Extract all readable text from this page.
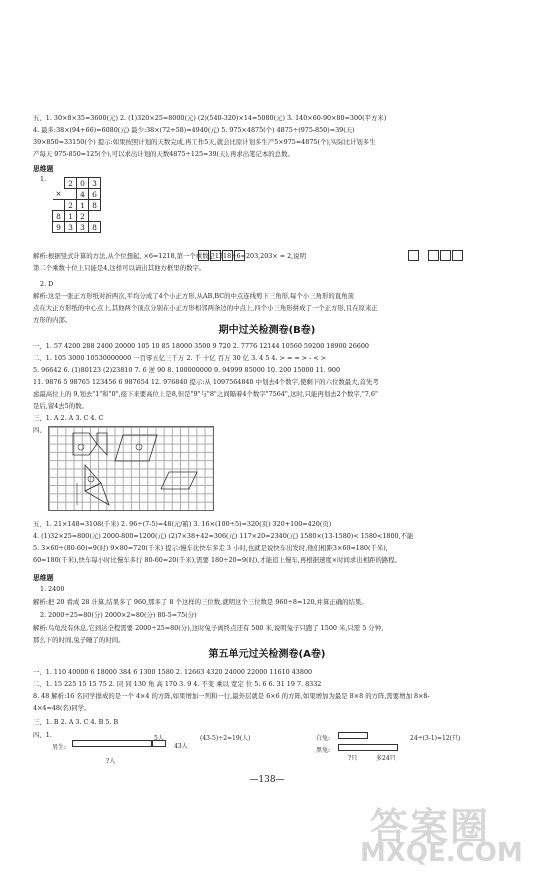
五、1. 30×8×35=3600(元) 2. (1)320×25=8000(元) (2)(540-320)×14=5080(元) 3. 140×60-90×80=300(平方米)
4. 最多:38×(94+66)=6080(元) 最少:38×(72+58)=4940(元) 5. 975×4875(个) 4875÷(975-850)=39(天)
39×850=33150(个) 提示:如果按照计划的天数完成,再工作5天,就会比原计划多生产5×975=4875(个),实际比计划多生
产每天 975-850=125(个),可以求出计划的天数4875÷125=39(天),再求出笔记本的总数。
思维题
1.
		2	0	3
×		4	6
	2	1	8
8	1	2	
9	3	3	8
解析:根据竖式计算的方法,从个位想起, ×6=1218,第一个乘数是1218÷6=203,203× = 2,说明
第二个乘数十位上只能是4,这样可以请出其他方框里的数字。
2. D
解析:这是一张正方形纸对折两次,平均分成了4个小正方形,从AB,BC的中点连线剪下三角形,每个小三角形的直角顶
点在大正方形纸的中心点上,其他两个顶点分别在小正方形相邻两条边的中点上,四个小三角形拼成了一个正方形,且在原来正
方形的内部。
期中过关检测卷(B卷)
一、1. 57 4200 288 2400 20000 105 10 85 18000 3500 9 720 2. 7776 12144 10560 59200 18900 26600
二、1. 105 3000 10530000000 一百零五亿三千万 2. 千 十亿 百万 30 亿 3. 4 5 4. > = = > - < >
5. 96642 6. (1)80123 (2)23810 7. 6 逆 90 8. 100000000 9. 94999 85000 10. 200 15000 11. 900
11. 9876 5 98765 123456 6 987654 12. 976840 提示:从 1097564840 中划去4个数字,使剩下的六位数最大,首先考
虑最高位上的 9,划去"1"和"0",接下来要高位上是8,但是"9"与"8"之间隔着4个数字"7564",这时,只能再划去2个数字,"7,6"
是后,留4去5的数。
三、1. A 2. A 3. C 4. C
四、
五、1. 21×148=3108(千米) 2. 96÷(7-5)=48(元/箱) 3. 16×(100÷5)=320(页) 320+100=420(页)
4. (1)32×25=800(元) 2000-800=1200(元) (2)7×38+42=306(元) 117×20=2340(元) 1580×(13-1580)< 1580<1800,不能
5. 3×60÷(80-60)=9(时) 9×80=720(千米) 提示:慢车比快车多走 3 小时,也就是说快车出发时,他们相距3×60=180(千米),
60=180(千米),快车每小时比慢车多行 80-60=20(千米),需要 180÷20=9(时),才能追上慢车,再根据速度×时间求出相距的路程。
思维题
1. 2400
解析:把 20 看成 28 计算,结果多了 960,那多了 8 个这样的三位数,就明这个三位数是 960÷8=120,并算正确的结果。
2. 2000÷25=80(分) 2000×2=80(分) 80-5=75(分)
解析:鸟龟没有休息,它到达全程需要 2000÷25=80(分),这时兔子离终点还有 500 米,说明兔子只跑了 1500 米,只需 5 分钟,
那么下的时间,兔子睡了的时间。
第五单元过关检测卷(A卷)
一、1. 110 40000 6 18000 384 6 1300 1580 2. 12663 4320 24000 22000 11610 43800
二、1. 15 225 15 15 75 2. 同 同 130 角 高 170 3. 9 4. 不变 乘以 宽定 位 5. 6 6. 31 19 7. 8332
8. 48 解析:16 名同学排成的是一个 4×4 的方阵,如果增加一列和一行,最外层就是 6×6 的方阵,如果增加为最是 8×8 的方阵,需要增加 8×8-
4×4=48(名)同学。
三、1. B 2. A 3. C 4. B 5. B
四、1.
男生:
5人
43人
?人
(43-5)÷2=19(人)	白兔:
黑兔:
?只	多24只
24÷(3-1)=12(只)
—138—
答案圈
MXQE.COM
